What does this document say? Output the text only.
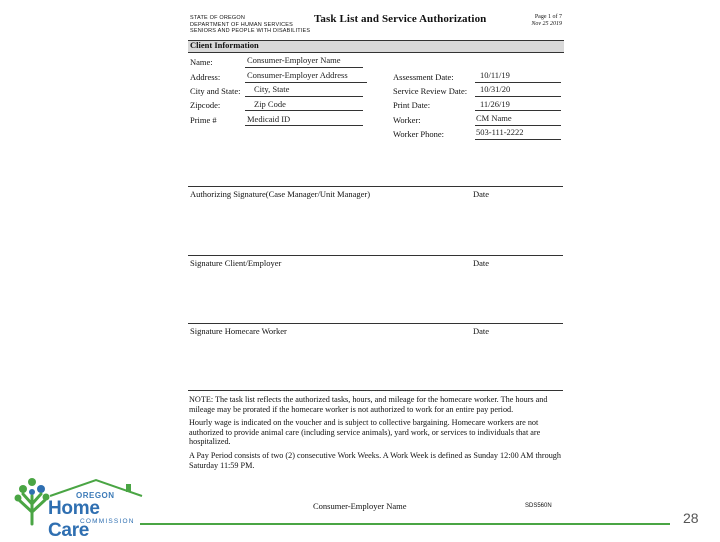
STATE OF OREGON
DEPARTMENT OF HUMAN SERVICES
SENIORS AND PEOPLE WITH DISABILITIES
Task List and Service Authorization	Page 1 of 7
Nov 25 2019
Client Information
Name:	Consumer-Employer Name
Address:	Consumer-Employer Address
City and State: City, State
Zipcode:	Zip Code
Prime #	Medicaid ID
Assessment Date:	10/11/19
Service Review Date: 10/31/20
Print Date:	11/26/19
Worker:	CM Name
Worker Phone:	503-111-2222
Authorizing Signature(Case Manager/Unit Manager)	Date
Signature Client/Employer	Date
Signature Homecare Worker	Date
NOTE: The task list reflects the authorized tasks, hours, and mileage for the homecare worker. The hours and mileage may be prorated if the homecare worker is not authorized to work for an entire pay period.
Hourly wage is indicated on the voucher and is subject to collective bargaining. Homecare workers are not authorized to provide animal care (including service animals), yard work, or services to individuals that are hospitalized.
A Pay Period consists of two (2) consecutive Work Weeks. A Work Week is defined as Sunday 12:00 AM through Saturday 11:59 PM.
Consumer-Employer Name	SDS560N
28
OREGON
Home Care
COMMISSION
